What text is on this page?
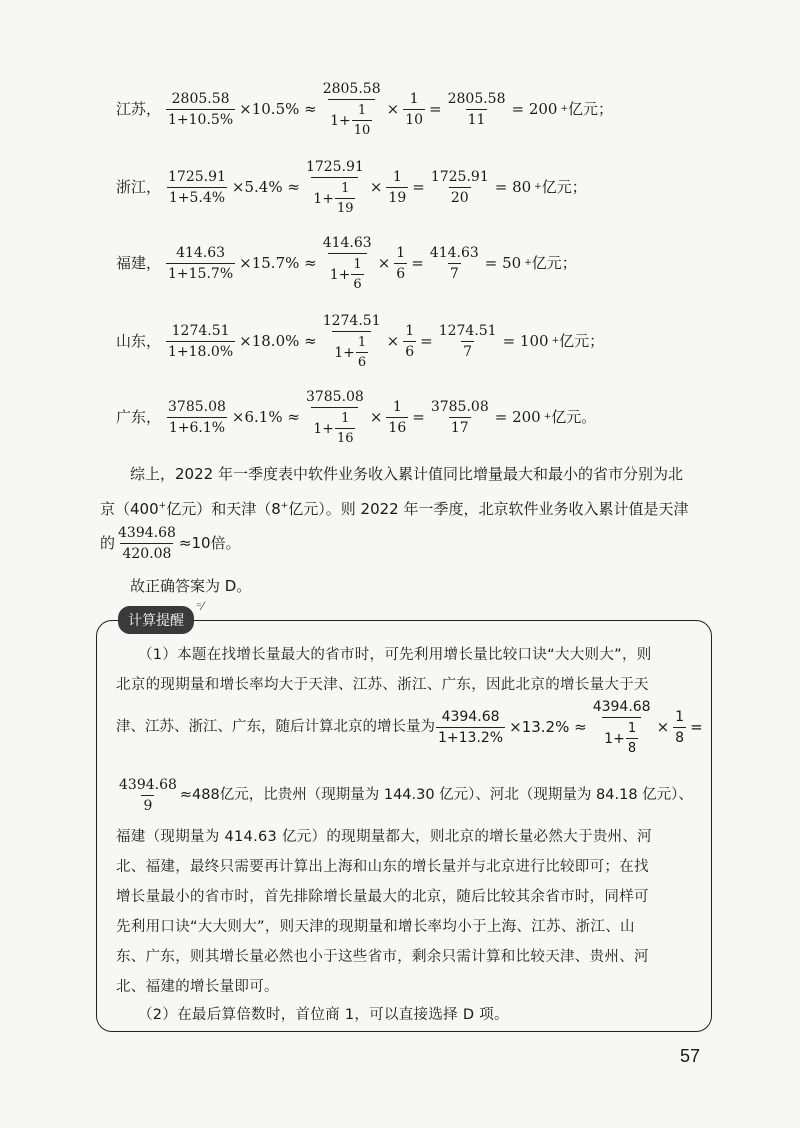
江苏， $\frac{2805.58}{1+10.5\%} \times 10.5\% \approx \frac{2805.58}{1+ \frac{1}{10}} \times \frac{1}{10} = \frac{2805.58}{11} = 200$ + 亿元；
浙江， $\frac{1725.91}{1+5.4\%} \times 5.4\% \approx \frac{1725.91}{1+ \frac{1}{19}} \times \frac{1}{19} = \frac{1725.91}{20} = 80$ + 亿元；
福建， $\frac{414.63}{1+15.7\%} \times 15.7\% \approx \frac{414.63}{1+ \frac{1}{6}} \times \frac{1}{6} = \frac{414.63}{7} = 50$ + 亿元；
山东， $\frac{1274.51}{1+18.0\%} \times 18.0\% \approx \frac{1274.51}{1+ \frac{1}{6}} \times \frac{1}{6} = \frac{1274.51}{7} = 100$ + 亿元；
广东， $\frac{3785.08}{1+6.1\%} \times 6.1\% \approx \frac{3785.08}{1+ \frac{1}{16}} \times \frac{1}{16} = \frac{3785.08}{17} = 200$ + 亿元。
综上，2022 年一季度表中软件业务收入累计值同比增量最大和最小的省市分别为北
京（400+亿元）和天津（8+亿元）。则 2022 年一季度，北京软件业务收入累计值是天津
的 $\frac{4394.68}{420.08} \approx 10$倍。
故正确答案为 D。
计算提醒
⁼⁄
（1）本题在找增长量最大的省市时，可先利用增长量比较口诀“大大则大”，则
北京的现期量和增长率均大于天津、江苏、浙江、广东，因此北京的增长量大于天
津、江苏、浙江、广东，随后计算北京的增长量为 $\frac{4394.68}{1+13.2\%} \times 13.2\% \approx \frac{4394.68}{1+ \frac{1}{8}} \times \frac{1}{8}$ =
$\frac{4394.68}{9} \approx 488$亿元，比贵州（现期量为 144.30 亿元）、河北（现期量为 84.18 亿元）、
福建（现期量为 414.63 亿元）的现期量都大，则北京的增长量必然大于贵州、河
北、福建，最终只需要再计算出上海和山东的增长量并与北京进行比较即可；在找
增长量最小的省市时，首先排除增长量最大的北京，随后比较其余省市时，同样可
先利用口诀“大大则大”，则天津的现期量和增长率均小于上海、江苏、浙江、山
东、广东，则其增长量必然也小于这些省市，剩余只需计算和比较天津、贵州、河
北、福建的增长量即可。
（2）在最后算倍数时，首位商 1，可以直接选择 D 项。
57
